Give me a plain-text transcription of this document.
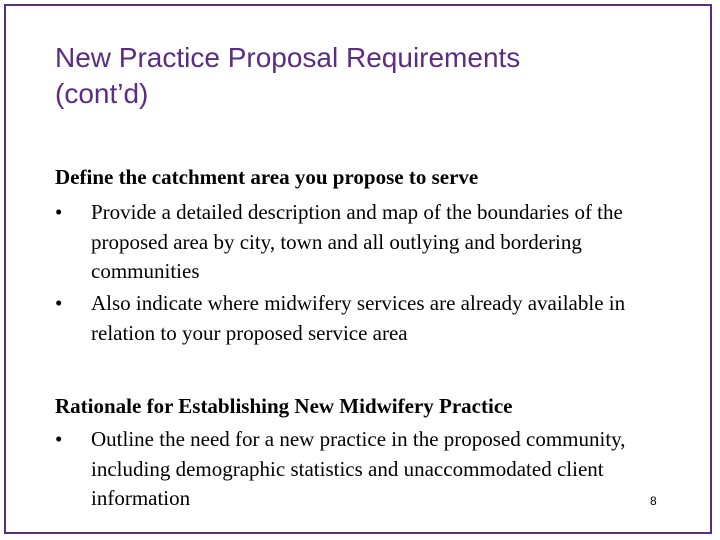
New Practice Proposal Requirements
(cont’d)
Define the catchment area you propose to serve
•	Provide a detailed description and map of the boundaries of the proposed area by city, town and all outlying and bordering communities
•	Also indicate where midwifery services are already available in relation to your proposed service area
Rationale for Establishing New Midwifery Practice
•	Outline the need for a new practice in the proposed community, including demographic statistics and unaccommodated client information	8
